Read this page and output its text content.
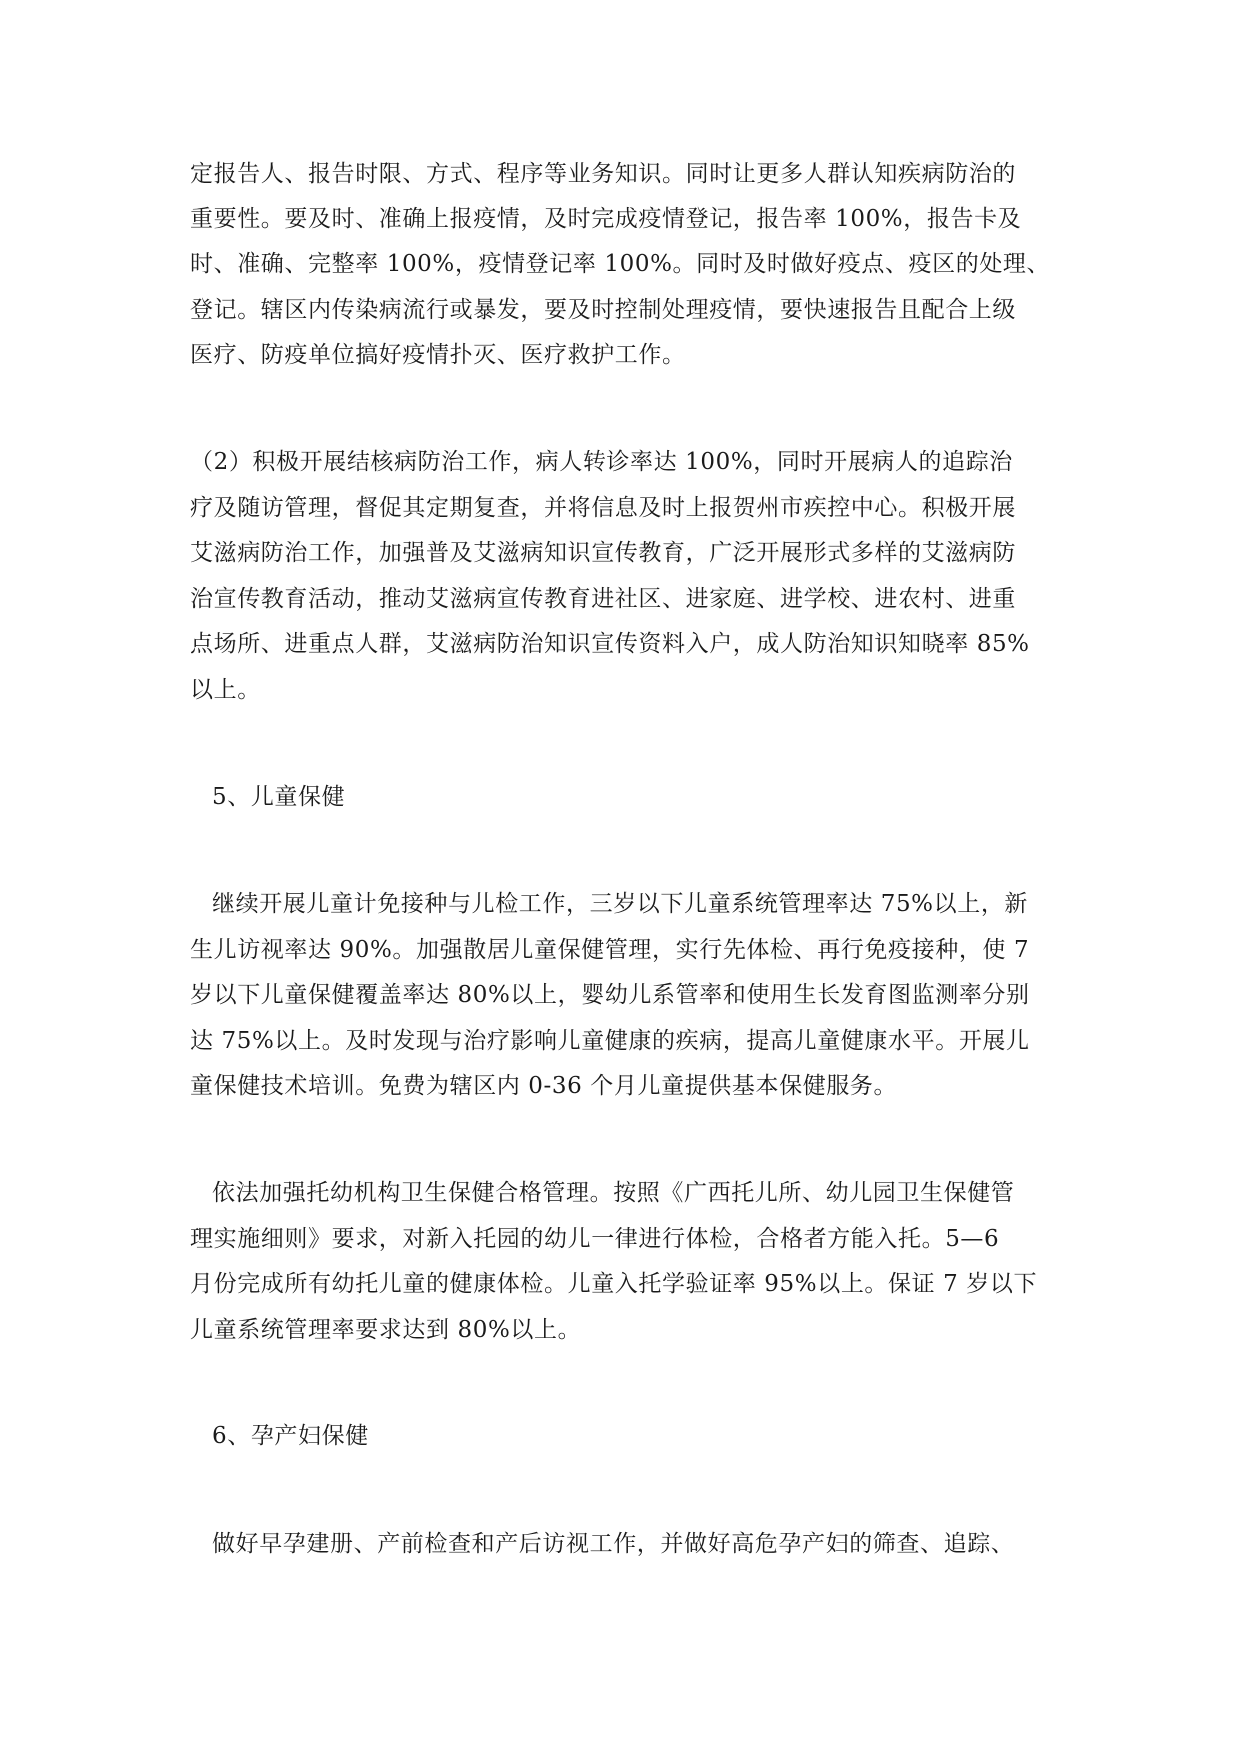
定报告人、报告时限、方式、程序等业务知识。同时让更多人群认知疾病防治的
重要性。要及时、准确上报疫情，及时完成疫情登记，报告率 100%，报告卡及
时、准确、完整率 100%，疫情登记率 100%。同时及时做好疫点、疫区的处理、
登记。辖区内传染病流行或暴发，要及时控制处理疫情，要快速报告且配合上级
医疗、防疫单位搞好疫情扑灭、医疗救护工作。
（2）积极开展结核病防治工作，病人转诊率达 100%，同时开展病人的追踪治
疗及随访管理，督促其定期复查，并将信息及时上报贺州市疾控中心。积极开展
艾滋病防治工作，加强普及艾滋病知识宣传教育，广泛开展形式多样的艾滋病防
治宣传教育活动，推动艾滋病宣传教育进社区、进家庭、进学校、进农村、进重
点场所、进重点人群，艾滋病防治知识宣传资料入户，成人防治知识知晓率 85%
以上。
5、儿童保健
继续开展儿童计免接种与儿检工作，三岁以下儿童系统管理率达 75%以上，新
生儿访视率达 90%。加强散居儿童保健管理，实行先体检、再行免疫接种，使 7
岁以下儿童保健覆盖率达 80%以上，婴幼儿系管率和使用生长发育图监测率分别
达 75%以上。及时发现与治疗影响儿童健康的疾病，提高儿童健康水平。开展儿
童保健技术培训。免费为辖区内 0-36 个月儿童提供基本保健服务。
依法加强托幼机构卫生保健合格管理。按照《广西托儿所、幼儿园卫生保健管
理实施细则》要求，对新入托园的幼儿一律进行体检，合格者方能入托。5—6
月份完成所有幼托儿童的健康体检。儿童入托学验证率 95%以上。保证 7 岁以下
儿童系统管理率要求达到 80%以上。
6、孕产妇保健
做好早孕建册、产前检查和产后访视工作，并做好高危孕产妇的筛查、追踪、
